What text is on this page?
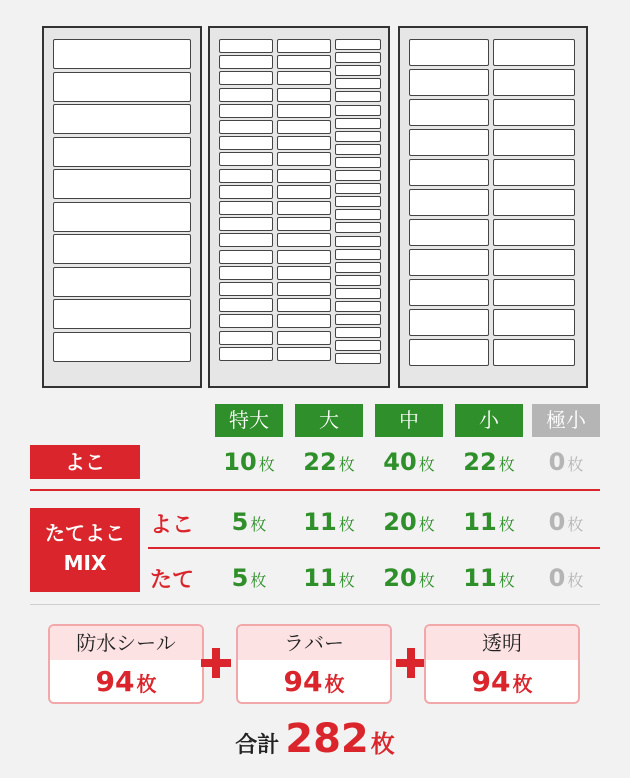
特大	大	中	小	極小
よこ	10 枚	22 枚	40 枚	22 枚	0 枚
たてよこ
MIX
よこ	5 枚	11 枚	20 枚	11 枚	0 枚
たて	5 枚	11 枚	20 枚	11 枚	0 枚
防水シール
94 枚
ラバー
94 枚
透明
94 枚
合計 282枚
